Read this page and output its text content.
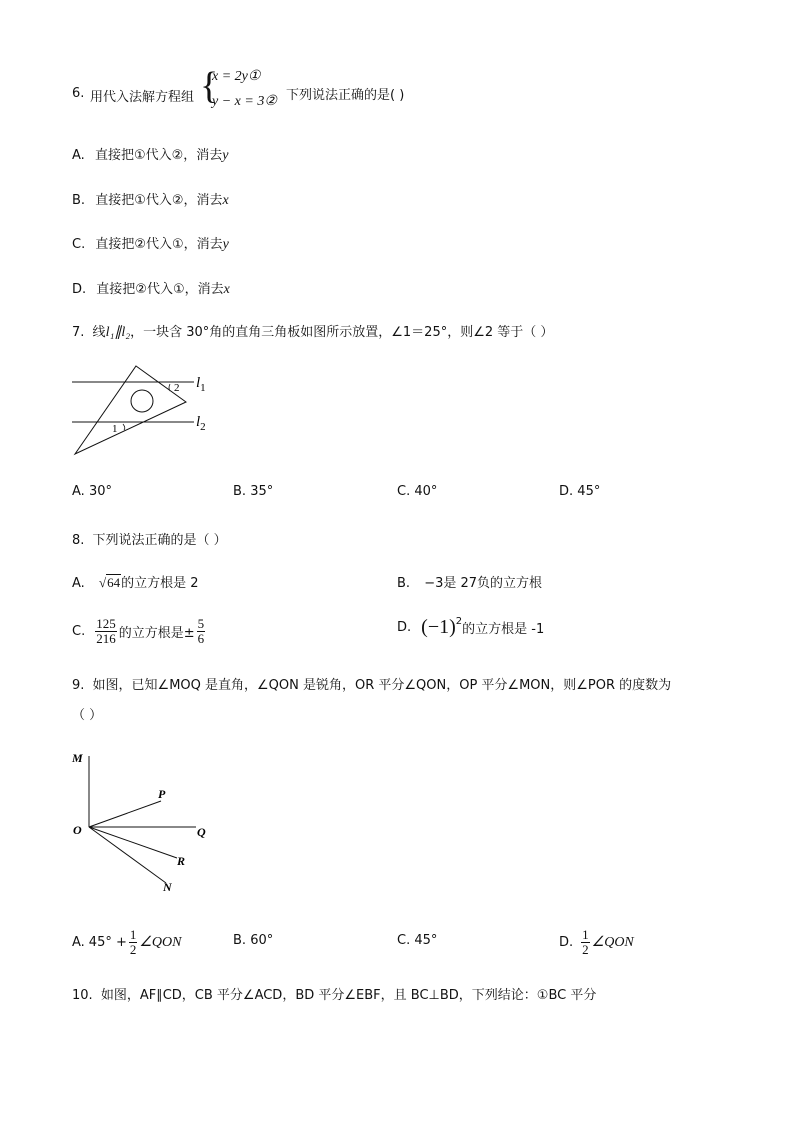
6. 用代入法解方程组 {
x = 2y①
y − x = 3② 下列说法正确的是( )
A. 直接把①代入②，消去y
B. 直接把①代入②，消去x
C. 直接把②代入①，消去y
D. 直接把②代入①，消去x
7. 线l₁∥l₂，一块含 30°角的直角三角板如图所示放置，∠1＝25°，则∠2 等于（ ）
$l_1$
$l_2$
1
2
A. 30°	B. 35°	C. 40°	D. 45°
8. 下列说法正确的是（ ）
A. √64的立方根是 2	B. −3是 27负的立方根
C. $\frac{125}{216}$ 的立方根是± $\frac{5}{6}$	D. $(-1)^2$
的立方根是 -1
9. 如图，已知∠MOQ 是直角，∠QON 是锐角，OR 平分∠QON，OP 平分∠MON，则∠POR 的度数为
（ ）
M
P
O	Q
R
N
A. $45^\circ + \frac{1}{2}$ ∠QON	B. 60°	C. 45°	D. $\frac{1}{2}$ ∠QON
10. 如图，AF∥CD，CB 平分∠ACD，BD 平分∠EBF，且 BC⊥BD，下列结论：①BC 平分
